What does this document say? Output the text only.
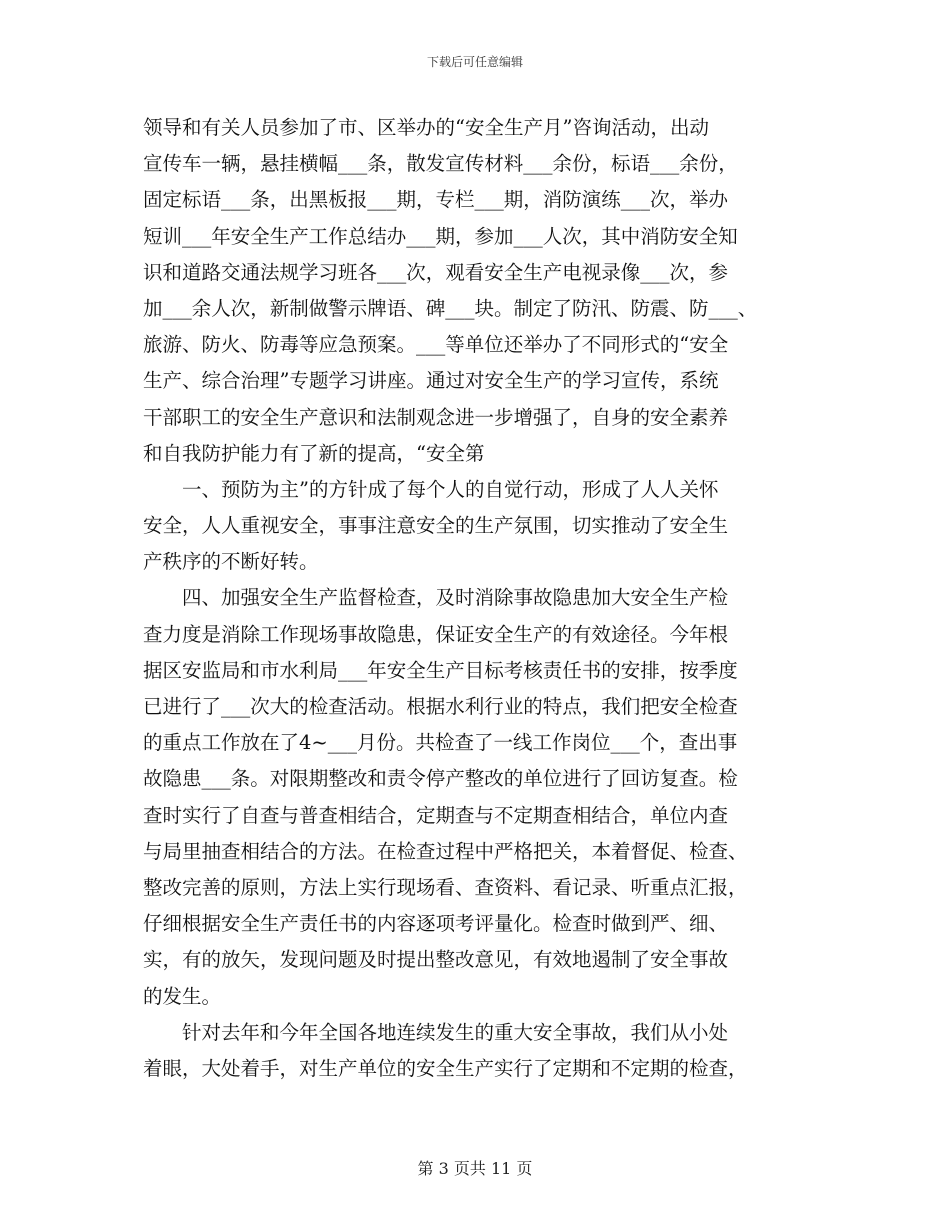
下载后可任意编辑
领导和有关人员参加了市、区举办的“安全生产月”咨询活动，出动
宣传车一辆，悬挂横幅___条，散发宣传材料___余份，标语___余份，
固定标语___条，出黑板报___期，专栏___期，消防演练___次，举办
短训___年安全生产工作总结办___期，参加___人次，其中消防安全知
识和道路交通法规学习班各___次，观看安全生产电视录像___次，参
加___余人次，新制做警示牌语、碑___块。制定了防汛、防震、防___、
旅游、防火、防毒等应急预案。___等单位还举办了不同形式的“安全
生产、综合治理”专题学习讲座。通过对安全生产的学习宣传，系统
干部职工的安全生产意识和法制观念进一步增强了，自身的安全素养
和自我防护能力有了新的提高，“安全第
一、预防为主”的方针成了每个人的自觉行动，形成了人人关怀
安全，人人重视安全，事事注意安全的生产氛围，切实推动了安全生
产秩序的不断好转。
四、加强安全生产监督检查，及时消除事故隐患加大安全生产检
查力度是消除工作现场事故隐患，保证安全生产的有效途径。今年根
据区安监局和市水利局___年安全生产目标考核责任书的安排，按季度
已进行了___次大的检查活动。根据水利行业的特点，我们把安全检查
的重点工作放在了4~___月份。共检查了一线工作岗位___个，查出事
故隐患___条。对限期整改和责令停产整改的单位进行了回访复查。检
查时实行了自查与普查相结合，定期查与不定期查相结合，单位内查
与局里抽查相结合的方法。在检查过程中严格把关，本着督促、检查、
整改完善的原则，方法上实行现场看、查资料、看记录、听重点汇报，
仔细根据安全生产责任书的内容逐项考评量化。检查时做到严、细、
实，有的放矢，发现问题及时提出整改意见，有效地遏制了安全事故
的发生。
针对去年和今年全国各地连续发生的重大安全事故，我们从小处
着眼，大处着手，对生产单位的安全生产实行了定期和不定期的检查，
第 3 页共 11 页
